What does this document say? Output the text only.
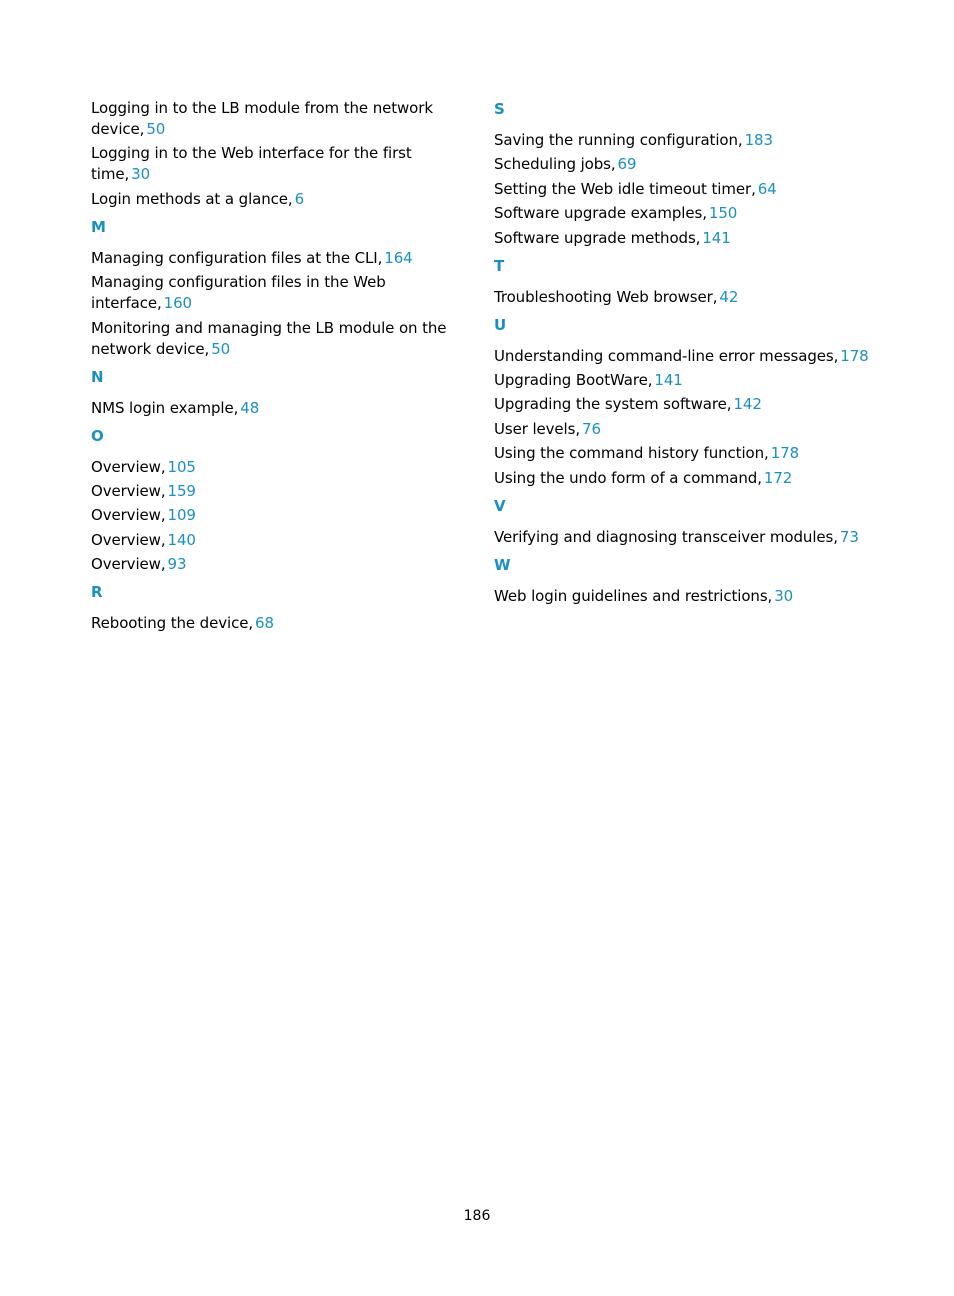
Logging in to the LB module from the network device, 50
Logging in to the Web interface for the first time, 30
Login methods at a glance, 6
M
Managing configuration files at the CLI, 164
Managing configuration files in the Web interface, 160
Monitoring and managing the LB module on the network device, 50
N
NMS login example, 48
O
Overview, 105
Overview, 159
Overview, 109
Overview, 140
Overview, 93
R
Rebooting the device, 68
S
Saving the running configuration, 183
Scheduling jobs, 69
Setting the Web idle timeout timer, 64
Software upgrade examples, 150
Software upgrade methods, 141
T
Troubleshooting Web browser, 42
U
Understanding command-line error messages, 178
Upgrading BootWare, 141
Upgrading the system software, 142
User levels, 76
Using the command history function, 178
Using the undo form of a command, 172
V
Verifying and diagnosing transceiver modules, 73
W
Web login guidelines and restrictions, 30
186
